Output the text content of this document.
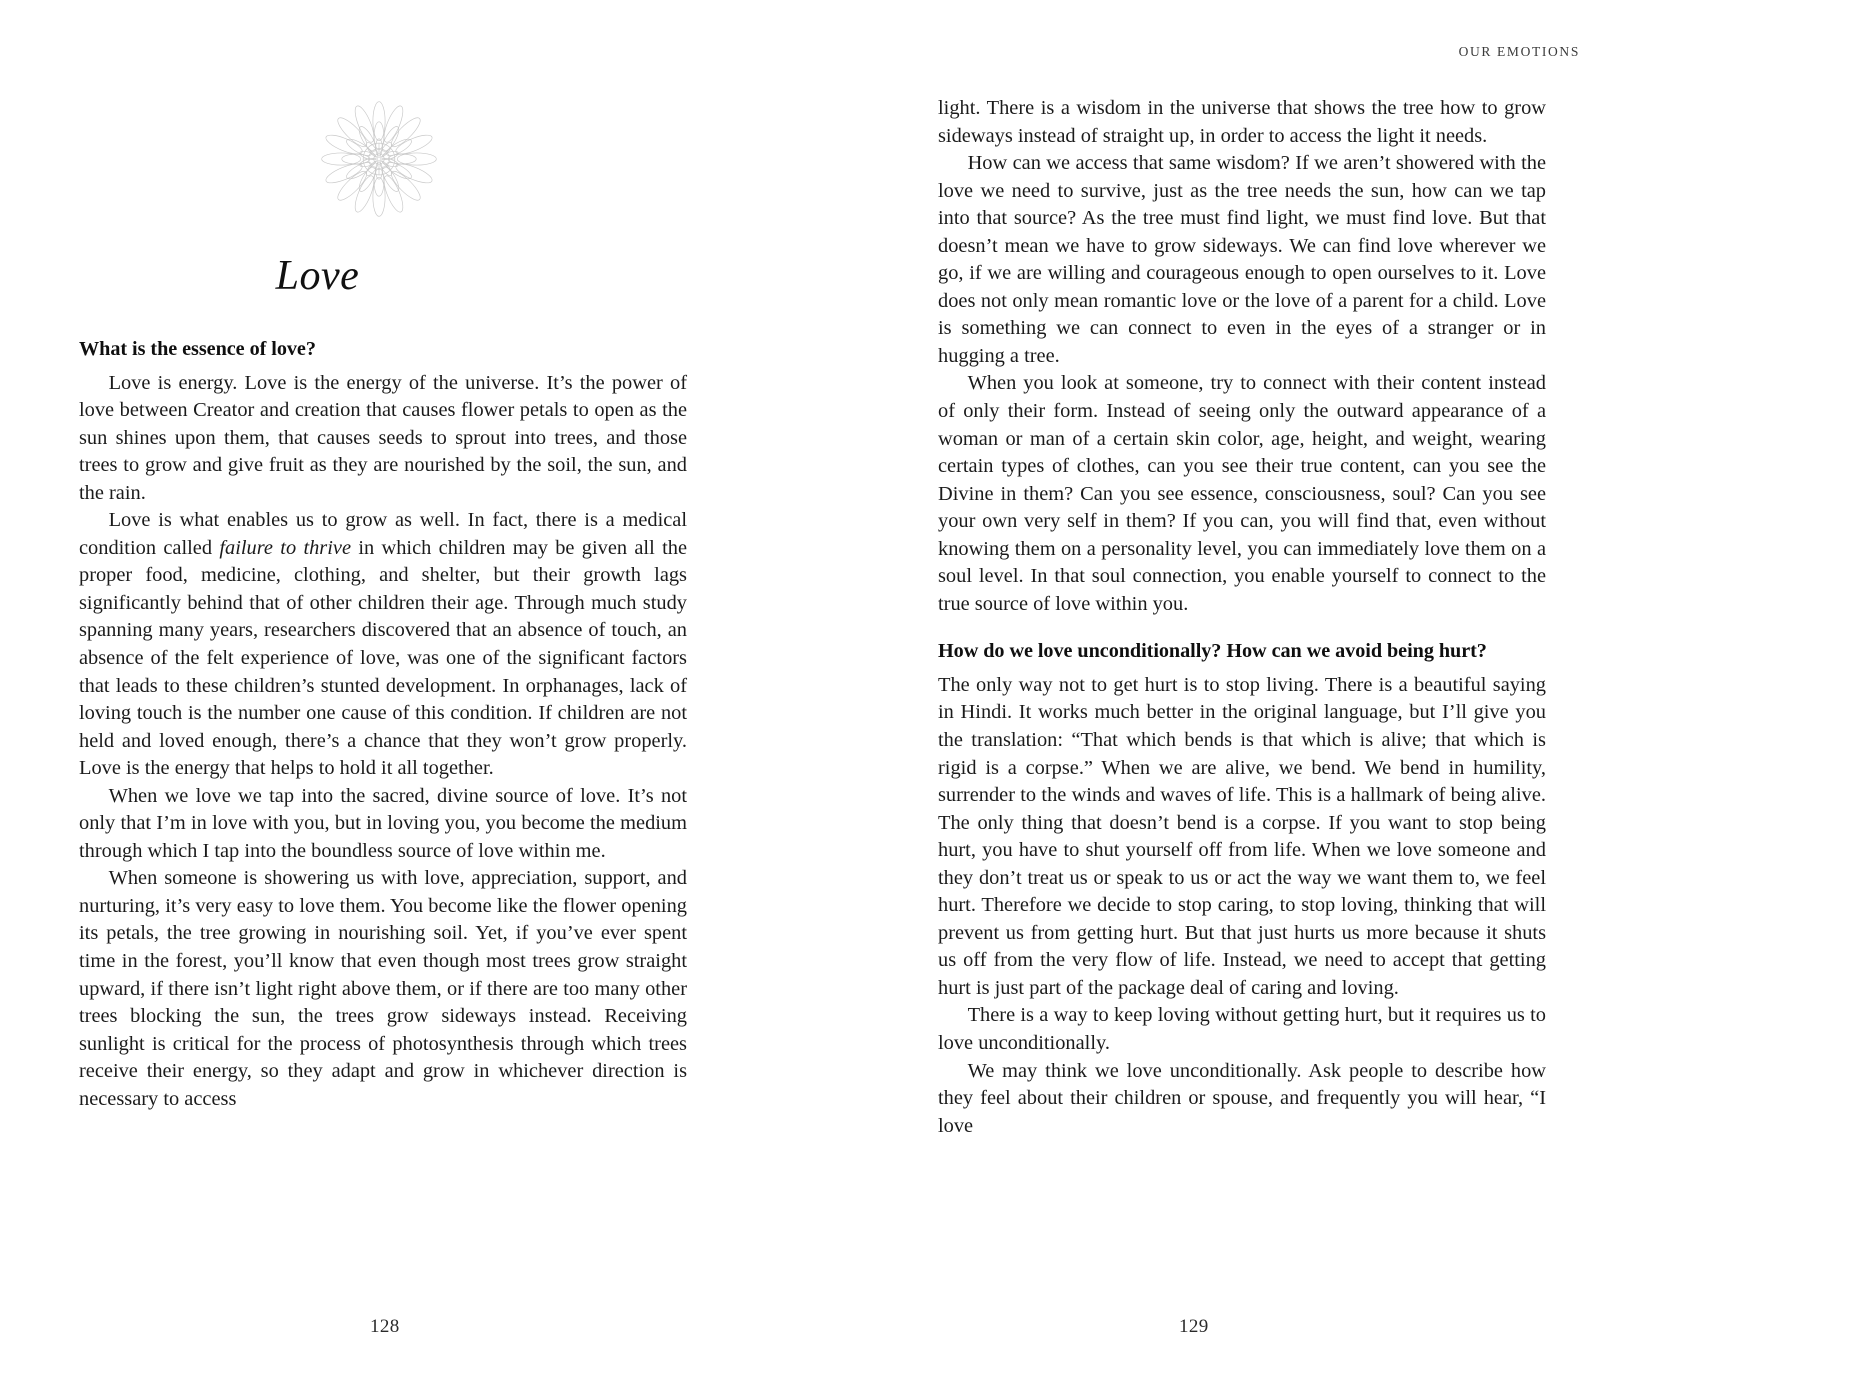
Love
What is the essence of love?

Love is energy. Love is the energy of the universe. It’s the power of love between Creator and creation that causes flower petals to open as the sun shines upon them, that causes seeds to sprout into trees, and those trees to grow and give fruit as they are nourished by the soil, the sun, and the rain.

Love is what enables us to grow as well. In fact, there is a medical condition called failure to thrive in which children may be given all the proper food, medicine, clothing, and shelter, but their growth lags significantly behind that of other children their age. Through much study spanning many years, researchers discovered that an absence of touch, an absence of the felt experience of love, was one of the significant factors that leads to these children’s stunted development. In orphanages, lack of loving touch is the number one cause of this condition. If children are not held and loved enough, there’s a chance that they won’t grow properly. Love is the energy that helps to hold it all together.

When we love we tap into the sacred, divine source of love. It’s not only that I’m in love with you, but in loving you, you become the medium through which I tap into the boundless source of love within me.

When someone is showering us with love, appreciation, support, and nurturing, it’s very easy to love them. You become like the flower opening its petals, the tree growing in nourishing soil. Yet, if you’ve ever spent time in the forest, you’ll know that even though most trees grow straight upward, if there isn’t light right above them, or if there are too many other trees blocking the sun, the trees grow sideways instead. Receiving sunlight is critical for the process of photosynthesis through which trees receive their energy, so they adapt and grow in whichever direction is necessary to access

128
OUR EMOTIONS

light. There is a wisdom in the universe that shows the tree how to grow sideways instead of straight up, in order to access the light it needs.

How can we access that same wisdom? If we aren’t showered with the love we need to survive, just as the tree needs the sun, how can we tap into that source? As the tree must find light, we must find love. But that doesn’t mean we have to grow sideways. We can find love wherever we go, if we are willing and courageous enough to open ourselves to it. Love does not only mean romantic love or the love of a parent for a child. Love is something we can connect to even in the eyes of a stranger or in hugging a tree.

When you look at someone, try to connect with their content instead of only their form. Instead of seeing only the outward appearance of a woman or man of a certain skin color, age, height, and weight, wearing certain types of clothes, can you see their true content, can you see the Divine in them? Can you see essence, consciousness, soul? Can you see your own very self in them? If you can, you will find that, even without knowing them on a personality level, you can immediately love them on a soul level. In that soul connection, you enable yourself to connect to the true source of love within you.

How do we love unconditionally? How can we avoid being hurt?

The only way not to get hurt is to stop living. There is a beautiful saying in Hindi. It works much better in the original language, but I’ll give you the translation: “That which bends is that which is alive; that which is rigid is a corpse.” When we are alive, we bend. We bend in humility, surrender to the winds and waves of life. This is a hallmark of being alive. The only thing that doesn’t bend is a corpse. If you want to stop being hurt, you have to shut yourself off from life. When we love someone and they don’t treat us or speak to us or act the way we want them to, we feel hurt. Therefore we decide to stop caring, to stop loving, thinking that will prevent us from getting hurt. But that just hurts us more because it shuts us off from the very flow of life. Instead, we need to accept that getting hurt is just part of the package deal of caring and loving.

There is a way to keep loving without getting hurt, but it requires us to love unconditionally.

We may think we love unconditionally. Ask people to describe how they feel about their children or spouse, and frequently you will hear, “I love

129
